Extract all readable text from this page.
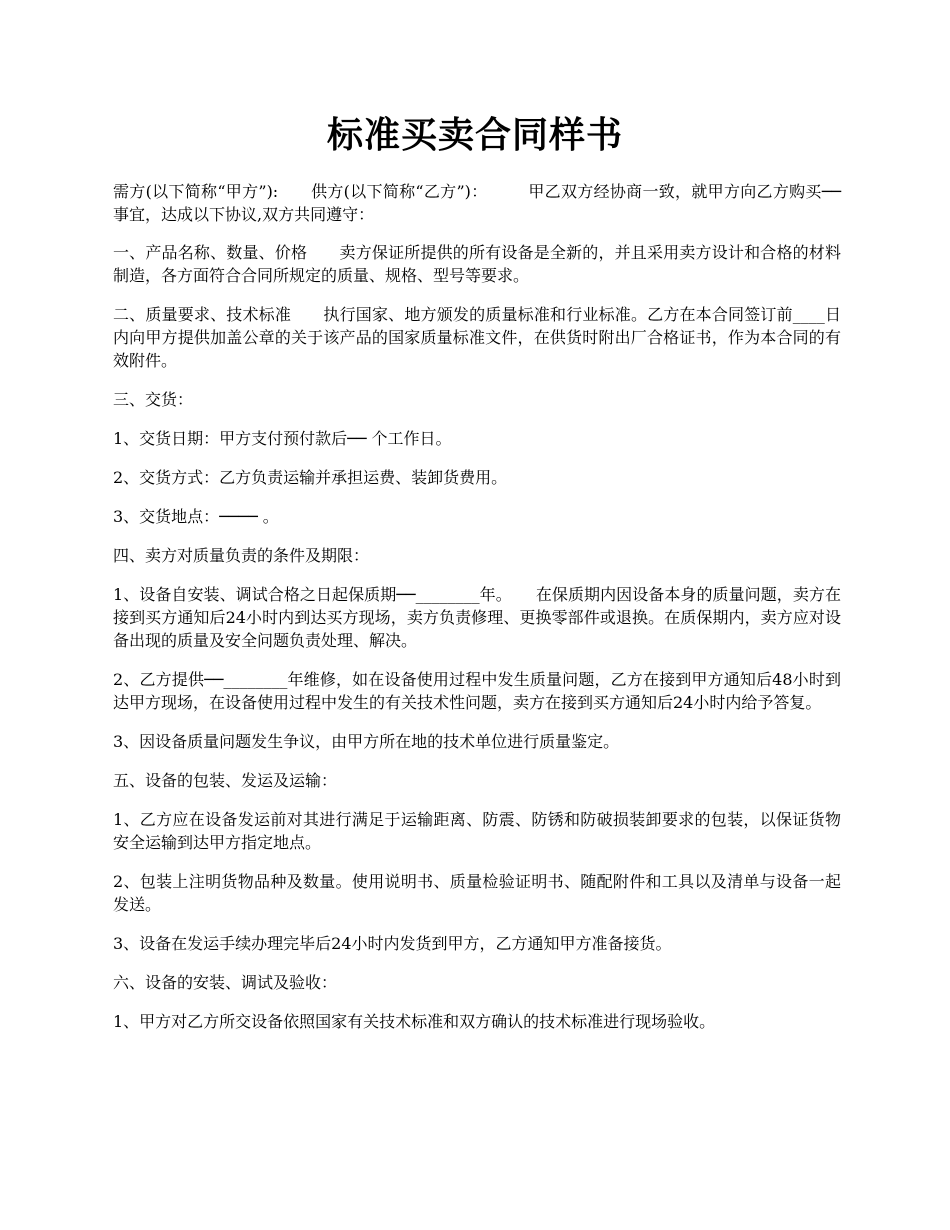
标准买卖合同样书

需方(以下简称“甲方”):　　供方(以下简称“乙方”)：　　　甲乙双方经协商一致，就甲方向乙方购买──事宜，达成以下协议,双方共同遵守：

一、产品名称、数量、价格　　卖方保证所提供的所有设备是全新的，并且采用卖方设计和合格的材料制造，各方面符合合同所规定的质量、规格、型号等要求。

二、质量要求、技术标准　　执行国家、地方颁发的质量标准和行业标准。乙方在本合同签订前____日内向甲方提供加盖公章的关于该产品的国家质量标准文件，在供货时附出厂合格证书，作为本合同的有效附件。

三、交货：

1、交货日期：甲方支付预付款后── 个工作日。

2、交货方式：乙方负责运输并承担运费、装卸货费用。

3、交货地点：──── 。

四、卖方对质量负责的条件及期限：

1、设备自安装、调试合格之日起保质期──________年。　　在保质期内因设备本身的质量问题，卖方在接到买方通知后24小时内到达买方现场，卖方负责修理、更换零部件或退换。在质保期内，卖方应对设备出现的质量及安全问题负责处理、解决。

2、乙方提供──________年维修，如在设备使用过程中发生质量问题，乙方在接到甲方通知后48小时到达甲方现场，在设备使用过程中发生的有关技术性问题，卖方在接到买方通知后24小时内给予答复。

3、因设备质量问题发生争议，由甲方所在地的技术单位进行质量鉴定。

五、设备的包装、发运及运输：

1、乙方应在设备发运前对其进行满足于运输距离、防震、防锈和防破损装卸要求的包装，以保证货物安全运输到达甲方指定地点。

2、包装上注明货物品种及数量。使用说明书、质量检验证明书、随配附件和工具以及清单与设备一起发送。

3、设备在发运手续办理完毕后24小时内发货到甲方，乙方通知甲方准备接货。

六、设备的安装、调试及验收：

1、甲方对乙方所交设备依照国家有关技术标准和双方确认的技术标准进行现场验收。
